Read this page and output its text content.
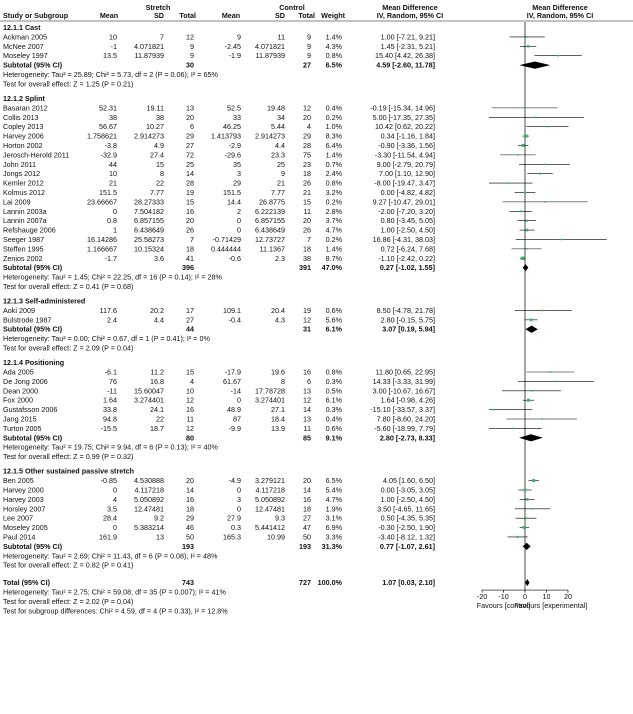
Stretch	Control	Mean Difference
IV, Random, 95% CI
Mean Difference
IV, Random, 95% CI
Study or Subgroup	Mean	SD Total	Mean	SD Total Weight
12.1.1 Cast
Ackman 2005	10	7	12	9	11	9 1.4%	1.00 [-7.21, 9.21]
McNee 2007	-1 4.071821	9	-2.45 4.071821	9 4.3%	1.45 [-2.31, 5.21]
Moseley 1997	13.5 11.87939	9	-1.9 11.87939	9 0.8%	15.40 [4.42, 26.38]
Subtotal (95% CI)	30	27 6.5%	4.59 [-2.60, 11.78]
Heterogeneity: Tau² = 25.89; Chi² = 5.73, df = 2 (P = 0.06); I² = 65%
Test for overall effect: Z = 1.25 (P = 0.21)
12.1.2 Splint
Basaran 2012	52.31	19.11	13	52.5	19.48	12 0.4%	-0.19 [-15.34, 14.96]
Collis 2013	38	38	20	33	34	20 0.2%	5.00 [-17.35, 27.35]
Copley 2013	56.67	10.27	6	46.25	5.44	4 1.0%	10.42 [0.62, 20.22]
Harvey 2006	1.758621 2.914273	29 1.413793 2.914273	29 8.3%	0.34 [-1.16, 1.84]
Horton 2002	-3.8	4.9	27	-2.9	4.4	28 6.4%	-0.90 [-3.36, 1.56]
Jerosch-Herold 2011	-32.9	27.4	72	-29.6	23.3	75 1.4%	-3.30 [-11.54, 4.94]
John 2011	44	15	25	35	25	23 0.7%	9.00 [-2.79, 20.79]
Jongs 2012	10	8	14	3	9	18 2.4%	7.00 [1.10, 12.90]
Kemler 2012	21	22	28	29	21	26 0.8%	-8.00 [-19.47, 3.47]
Kolmus 2012	151.5	7.77	19	151.5	7.77	21 3.2%	0.00 [-4.82, 4.82]
Lai 2009	23.66667 28.27333	15	14.4	26.8775	15 0.2%	9.27 [-10.47, 29.01]
Lannin 2003a	0 7.504182	16	2 6.222139	11 2.8%	-2.00 [-7.20, 3.20]
Lannin 2007a	0.8 6.857155	20	0 6.857155	20 3.7%	0.80 [-3.45, 5.05]
Refshauge 2006	1 6.438649	26	0 6.438649	26 4.7%	1.00 [-2.50, 4.50]
Seeger 1987	16.14286 25.58273	7	-0.71429 12.73727	7 0.2%	16.86 [-4.31, 38.03]
Steffen 1995	1.166667 10.15324	18 0.444444	11.1367	18 1.4%	0.72 [-6.24, 7.68]
Zenios 2002	-1.7	3.6	41	-0.6	2.3	38 8.7%	-1.10 [-2.42, 0.22]
Subtotal (95% CI)	396	391 47.0%	0.27 [-1.02, 1.55]
Heterogeneity: Tau² = 1.45; Chi² = 22.25, df = 16 (P = 0.14); I² = 28%
Test for overall effect: Z = 0.41 (P = 0.68)
12.1.3 Self-administered
Aoki 2009	117.6	20.2	17	109.1	20.4	19 0.6%	8.50 [-4.78, 21.78]
Bulstrode 1987	2.4	4.4	27	-0.4	4.3	12 5.6%	2.80 [-0.15, 5.75]
Subtotal (95% CI)	44	31 6.1%	3.07 [0.19, 5.94]
Heterogeneity: Tau² = 0.00; Chi² = 0.67, df = 1 (P = 0.41); I² = 0%
Test for overall effect: Z = 2.09 (P = 0.04)
12.1.4 Positioning
Ada 2005	-6.1	11.2	15	-17.9	19.6	16 0.8%	11.80 [0.65, 22.95]
De Jong 2006	76	16.8	4	61.67	8	6 0.3%	14.33 [-3.33, 31.99]
Dean 2000	-11 15.60047	10	-14 17.78728	13 0.5%	3.00 [-10.67, 16.67]
Fox 2000	1.64 3.274401	12	0 3.274401	12 6.1%	1.64 [-0.98, 4.26]
Gustafsson 2006	33.8	24.1	16	48.9	27.1	14 0.3%	-15.10 [-33.57, 3.37]
Jang 2015	94.8	22	11	87	18.4	13 0.4%	7.80 [-8.60, 24.20]
Turton 2005	-15.5	18.7	12	-9.9	13.9	11 0.6%	-5.60 [-18.99, 7.79]
Subtotal (95% CI)	80	85 9.1%	2.80 [-2.73, 8.33]
Heterogeneity: Tau² = 19.75; Chi² = 9.94, df = 6 (P = 0.13); I² = 40%
Test for overall effect: Z = 0.99 (P = 0.32)
12.1.5 Other sustained passive stretch
Ben 2005	-0.85 4.530888	20	-4.9 3.279121	20 6.5%	4.05 [1.60, 6.50]
Harvey 2000	0 4.117218	14	0 4.117218	14 5.4%	0.00 [-3.05, 3.05]
Harvey 2003	4 5.050892	16	3 5.050892	16 4.7%	1.00 [-2.50, 4.50]
Horsley 2007	3.5 12.47481	18	0 12.47481	18 1.9%	3.50 [-4.65, 11.65]
Lee 2007	28.4	9.2	29	27.9	9.3	27 3.1%	0.50 [-4.35, 5.35]
Moseley 2005	0 5.383214	46	0.3 5.441412	47 6.9%	-0.30 [-2.50, 1.90]
Paul 2014	161.9	13	50	165.3	10.99	50 3.3%	-3.40 [-8.12, 1.32]
Subtotal (95% CI)	193	193 31.3%	0.77 [-1.07, 2.61]
Heterogeneity: Tau² = 2.69; Chi² = 11.43, df = 6 (P = 0.08); I² = 48%
Test for overall effect: Z = 0.82 (P = 0.41)
Total (95% CI)	743	727 100.0%	1.07 [0.03, 2.10]
Heterogeneity: Tau² = 2.75; Chi² = 59.08, df = 35 (P = 0.007); I² = 41%
Test for overall effect: Z = 2.02 (P = 0.04)
Test for subgroup differences: Chi² = 4.59, df = 4 (P = 0.33), I² = 12.8%
-20 -10 0 10 20
Favours [control]
Favours [experimental]
